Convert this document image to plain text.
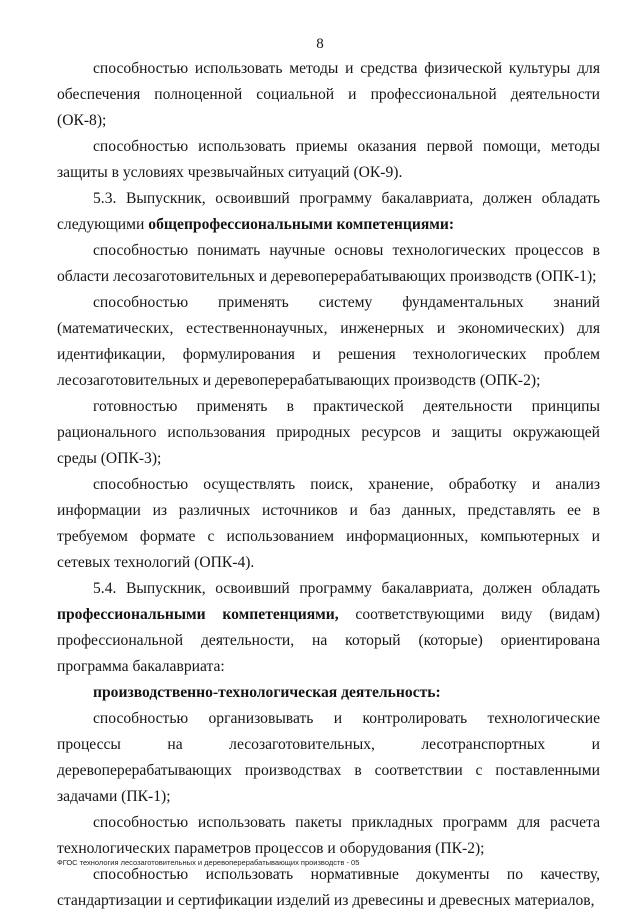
8

способностью использовать методы и средства физической культуры для обеспечения полноценной социальной и профессиональной деятельности (ОК-8);

способностью использовать приемы оказания первой помощи, методы защиты в условиях чрезвычайных ситуаций (ОК-9).

5.3. Выпускник, освоивший программу бакалавриата, должен обладать следующими общепрофессиональными компетенциями:

способностью понимать научные основы технологических процессов в области лесозаготовительных и деревоперерабатывающих производств (ОПК-1);

способностью применять систему фундаментальных знаний (математических, естественнонаучных, инженерных и экономических) для идентификации, формулирования и решения технологических проблем лесозаготовительных и деревоперерабатывающих производств (ОПК-2);

готовностью применять в практической деятельности принципы рационального использования природных ресурсов и защиты окружающей среды (ОПК-3);

способностью осуществлять поиск, хранение, обработку и анализ информации из различных источников и баз данных, представлять ее в требуемом формате с использованием информационных, компьютерных и сетевых технологий (ОПК-4).

5.4. Выпускник, освоивший программу бакалавриата, должен обладать профессиональными компетенциями, соответствующими виду (видам) профессиональной деятельности, на который (которые) ориентирована программа бакалавриата:

производственно-технологическая деятельность:

способностью организовывать и контролировать технологические процессы на лесозаготовительных, лесотранспортных и деревоперерабатывающих производствах в соответствии с поставленными задачами (ПК-1);

способностью использовать пакеты прикладных программ для расчета технологических параметров процессов и оборудования (ПК-2);

способностью использовать нормативные документы по качеству, стандартизации и сертификации изделий из древесины и древесных материалов,

ФГОС технология лесозаготовительных и деревоперерабатывающих производств - 05
